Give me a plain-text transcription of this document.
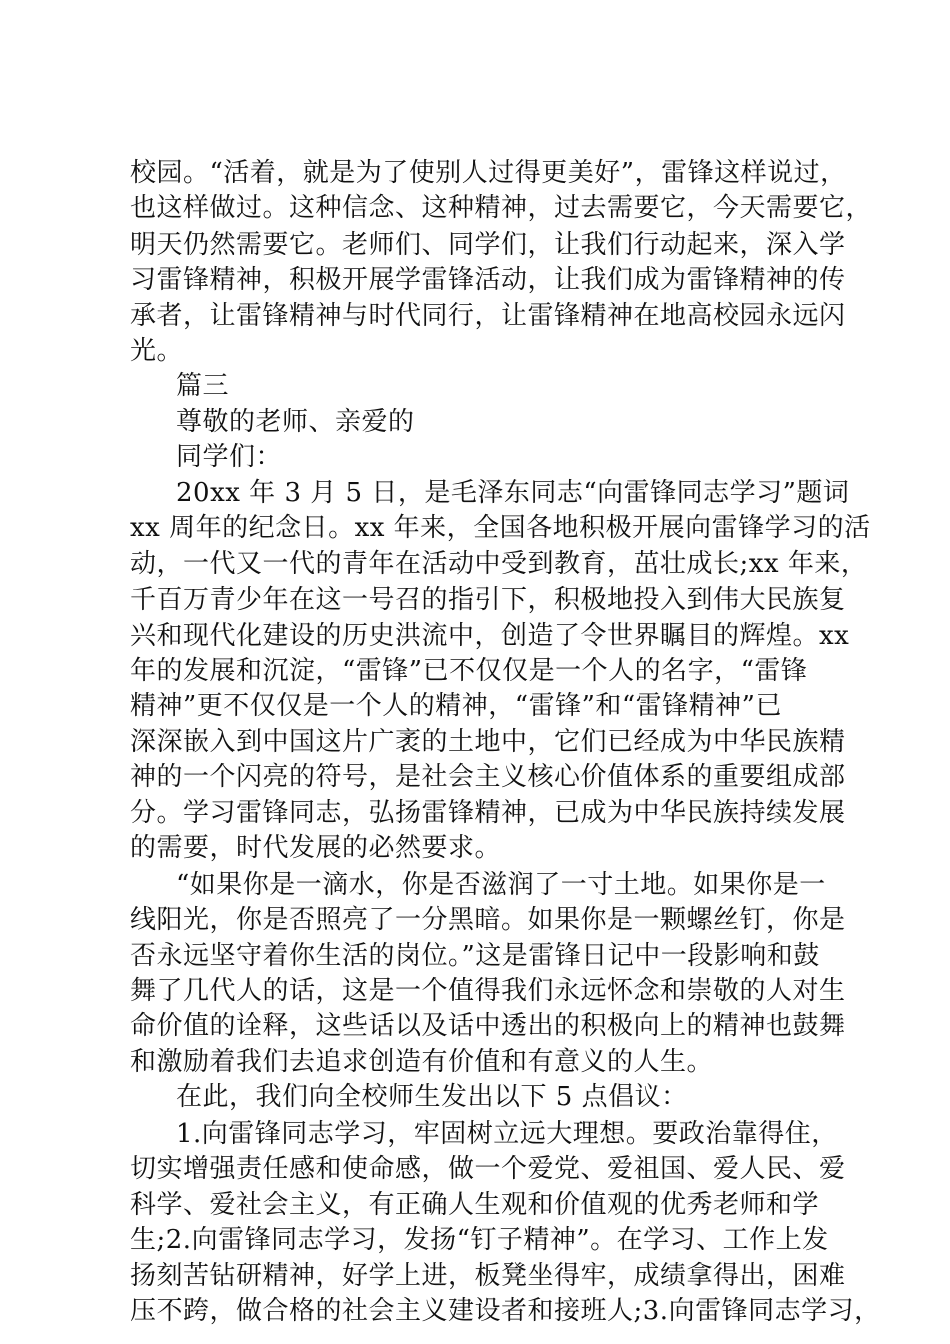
校园。“活着，就是为了使别人过得更美好”，雷锋这样说过，
也这样做过。这种信念、这种精神，过去需要它，今天需要它，
明天仍然需要它。老师们、同学们，让我们行动起来，深入学
习雷锋精神，积极开展学雷锋活动，让我们成为雷锋精神的传
承者，让雷锋精神与时代同行，让雷锋精神在地高校园永远闪
光。
篇三
尊敬的老师、亲爱的
同学们：
20xx 年 3 月 5 日，是毛泽东同志“向雷锋同志学习”题词
xx 周年的纪念日。xx 年来，全国各地积极开展向雷锋学习的活
动，一代又一代的青年在活动中受到教育，茁壮成长;xx 年来，
千百万青少年在这一号召的指引下，积极地投入到伟大民族复
兴和现代化建设的历史洪流中，创造了令世界瞩目的辉煌。xx
年的发展和沉淀，“雷锋”已不仅仅是一个人的名字，“雷锋
精神”更不仅仅是一个人的精神，“雷锋”和“雷锋精神”已
深深嵌入到中国这片广袤的土地中，它们已经成为中华民族精
神的一个闪亮的符号，是社会主义核心价值体系的重要组成部
分。学习雷锋同志，弘扬雷锋精神，已成为中华民族持续发展
的需要，时代发展的必然要求。
“如果你是一滴水，你是否滋润了一寸土地。如果你是一
线阳光，你是否照亮了一分黑暗。如果你是一颗螺丝钉，你是
否永远坚守着你生活的岗位。”这是雷锋日记中一段影响和鼓
舞了几代人的话，这是一个值得我们永远怀念和崇敬的人对生
命价值的诠释，这些话以及话中透出的积极向上的精神也鼓舞
和激励着我们去追求创造有价值和有意义的人生。
在此，我们向全校师生发出以下 5 点倡议：
1.向雷锋同志学习，牢固树立远大理想。要政治靠得住，
切实增强责任感和使命感，做一个爱党、爱祖国、爱人民、爱
科学、爱社会主义，有正确人生观和价值观的优秀老师和学
生;2.向雷锋同志学习，发扬“钉子精神”。在学习、工作上发
扬刻苦钻研精神，好学上进，板凳坐得牢，成绩拿得出，困难
压不跨，做合格的社会主义建设者和接班人;3.向雷锋同志学习，
